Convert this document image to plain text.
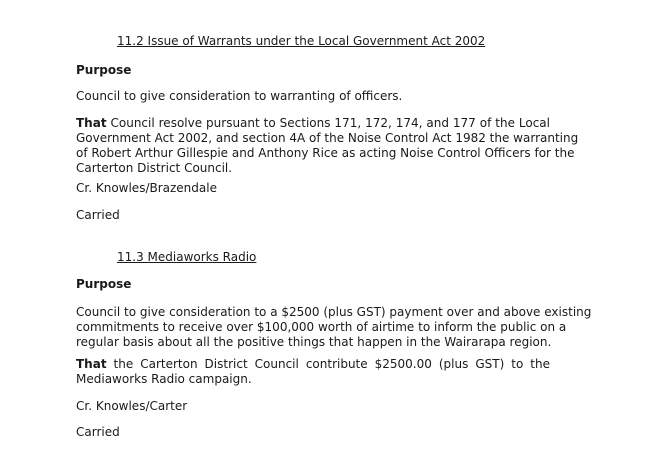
11.2 Issue of Warrants under the Local Government Act 2002
Purpose
Council to give consideration to warranting of officers.
That Council resolve pursuant to Sections 171, 172, 174, and 177 of the Local
Government Act 2002, and section 4A of the Noise Control Act 1982 the warranting
of Robert Arthur Gillespie and Anthony Rice as acting Noise Control Officers for the
Carterton District Council.
Cr. Knowles/Brazendale
Carried
11.3 Mediaworks Radio
Purpose
Council to give consideration to a $2500 (plus GST) payment over and above existing
commitments to receive over $100,000 worth of airtime to inform the public on a
regular basis about all the positive things that happen in the Wairarapa region.
That the Carterton District Council contribute $2500.00 (plus GST) to the
Mediaworks Radio campaign.
Cr. Knowles/Carter
Carried
